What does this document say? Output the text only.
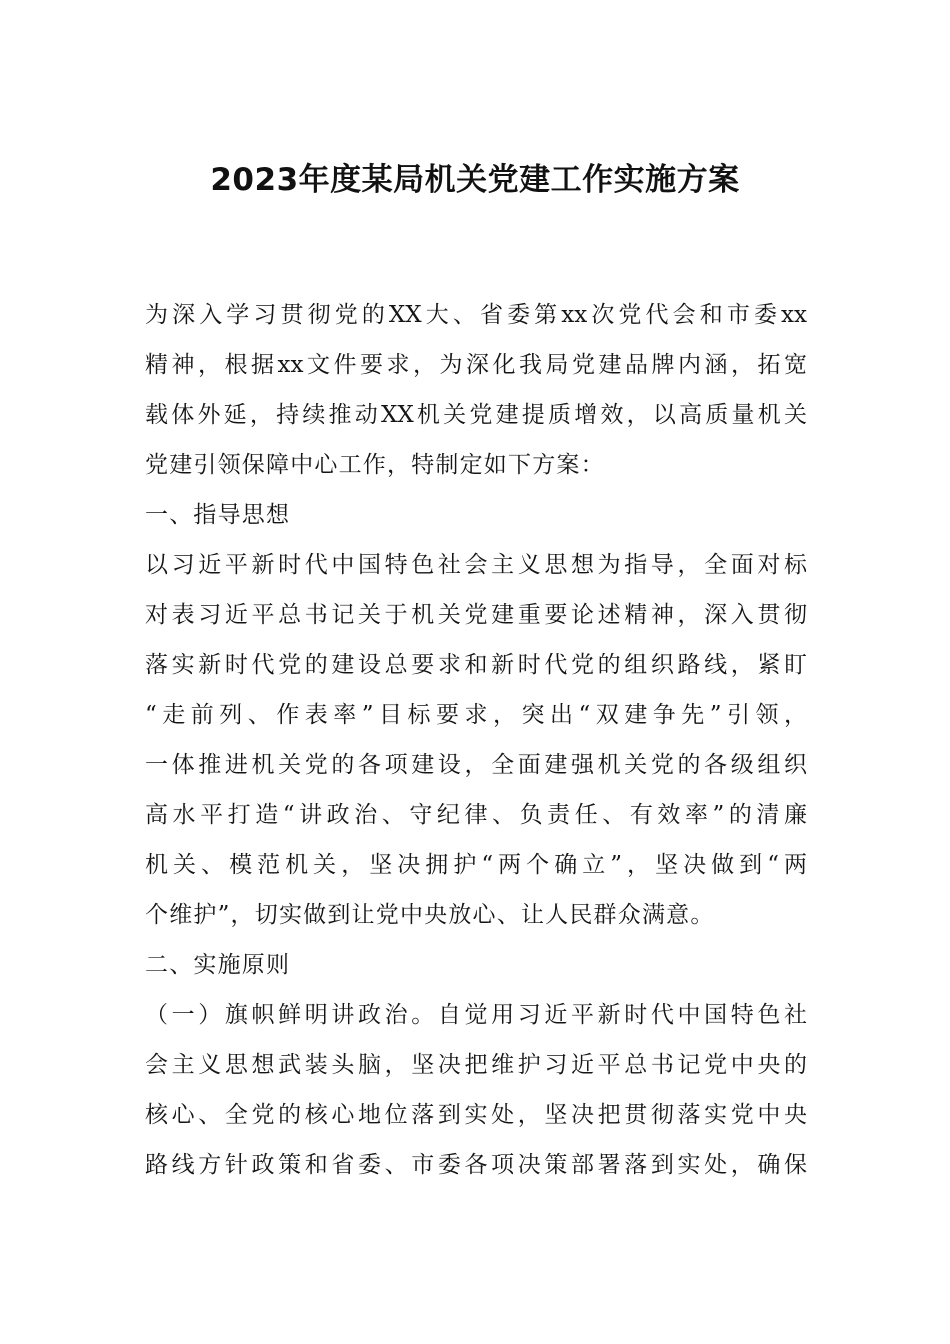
2023年度某局机关党建工作实施方案
为深入学习贯彻党的XX大、省委第xx次党代会和市委xx
精神，根据xx文件要求，为深化我局党建品牌内涵，拓宽
载体外延，持续推动XX机关党建提质增效，以高质量机关
党建引领保障中心工作，特制定如下方案：
一、指导思想
以习近平新时代中国特色社会主义思想为指导，全面对标
对表习近平总书记关于机关党建重要论述精神，深入贯彻
落实新时代党的建设总要求和新时代党的组织路线，紧盯
“走前列、作表率”目标要求，突出“双建争先”引领，
一体推进机关党的各项建设，全面建强机关党的各级组织
高水平打造“讲政治、守纪律、负责任、有效率”的清廉
机关、模范机关，坚决拥护“两个确立”，坚决做到“两
个维护”，切实做到让党中央放心、让人民群众满意。
二、实施原则
（一）旗帜鲜明讲政治。自觉用习近平新时代中国特色社
会主义思想武装头脑，坚决把维护习近平总书记党中央的
核心、全党的核心地位落到实处，坚决把贯彻落实党中央
路线方针政策和省委、市委各项决策部署落到实处，确保
